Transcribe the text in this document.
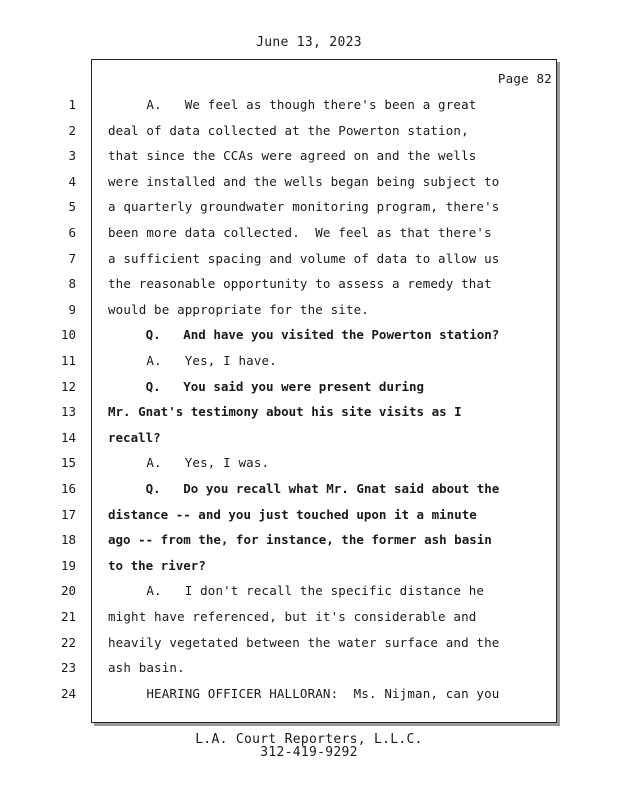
June 13, 2023
Page 82
1	A.   We feel as though there's been a great
2	deal of data collected at the Powerton station,
3	that since the CCAs were agreed on and the wells
4	were installed and the wells began being subject to
5	a quarterly groundwater monitoring program, there's
6	been more data collected.  We feel as that there's
7	a sufficient spacing and volume of data to allow us
8	the reasonable opportunity to assess a remedy that
9	would be appropriate for the site.
10	Q.   And have you visited the Powerton station?
11	A.   Yes, I have.
12	Q.   You said you were present during
13	Mr. Gnat's testimony about his site visits as I
14	recall?
15	A.   Yes, I was.
16	Q.   Do you recall what Mr. Gnat said about the
17	distance -- and you just touched upon it a minute
18	ago -- from the, for instance, the former ash basin
19	to the river?
20	A.   I don't recall the specific distance he
21	might have referenced, but it's considerable and
22	heavily vegetated between the water surface and the
23	ash basin.
24	HEARING OFFICER HALLORAN:  Ms. Nijman, can you
L.A. Court Reporters, L.L.C.
312-419-9292
